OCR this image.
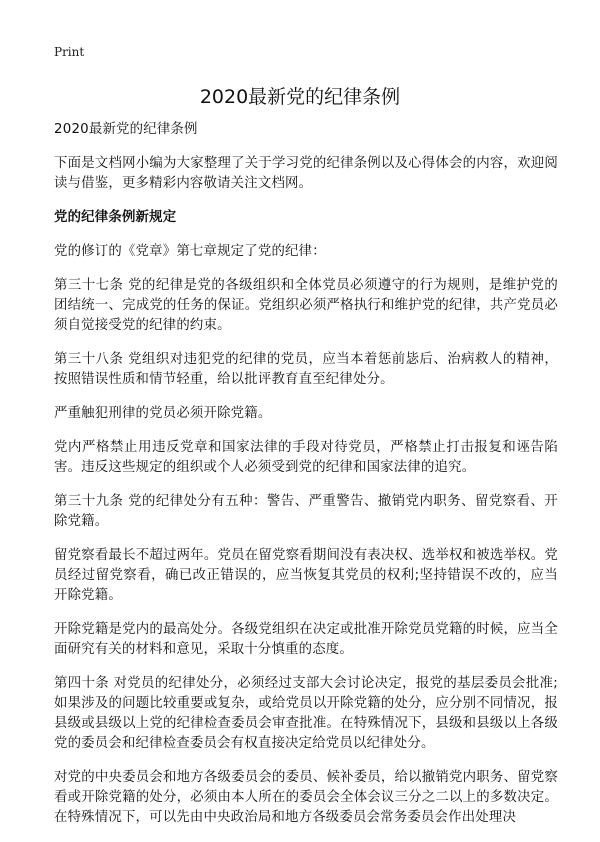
Print
2020最新党的纪律条例

2020最新党的纪律条例

下面是文档网小编为大家整理了关于学习党的纪律条例以及心得体会的内容，欢迎阅读与借鉴，更多精彩内容敬请关注文档网。

党的纪律条例新规定

党的修订的《党章》第七章规定了党的纪律：

第三十七条 党的纪律是党的各级组织和全体党员必须遵守的行为规则，是维护党的团结统一、完成党的任务的保证。党组织必须严格执行和维护党的纪律，共产党员必须自觉接受党的纪律的约束。

第三十八条 党组织对违犯党的纪律的党员，应当本着惩前毖后、治病救人的精神，按照错误性质和情节轻重，给以批评教育直至纪律处分。

严重触犯刑律的党员必须开除党籍。

党内严格禁止用违反党章和国家法律的手段对待党员，严格禁止打击报复和诬告陷害。违反这些规定的组织或个人必须受到党的纪律和国家法律的追究。

第三十九条 党的纪律处分有五种：警告、严重警告、撤销党内职务、留党察看、开除党籍。

留党察看最长不超过两年。党员在留党察看期间没有表决权、选举权和被选举权。党员经过留党察看，确已改正错误的，应当恢复其党员的权利;坚持错误不改的，应当开除党籍。

开除党籍是党内的最高处分。各级党组织在决定或批准开除党员党籍的时候，应当全面研究有关的材料和意见，采取十分慎重的态度。

第四十条 对党员的纪律处分，必须经过支部大会讨论决定，报党的基层委员会批准;如果涉及的问题比较重要或复杂，或给党员以开除党籍的处分，应分别不同情况，报县级或县级以上党的纪律检查委员会审查批准。在特殊情况下，县级和县级以上各级党的委员会和纪律检查委员会有权直接决定给党员以纪律处分。

对党的中央委员会和地方各级委员会的委员、候补委员，给以撤销党内职务、留党察看或开除党籍的处分，必须由本人所在的委员会全体会议三分之二以上的多数决定。在特殊情况下，可以先由中央政治局和地方各级委员会常务委员会作出处理决
